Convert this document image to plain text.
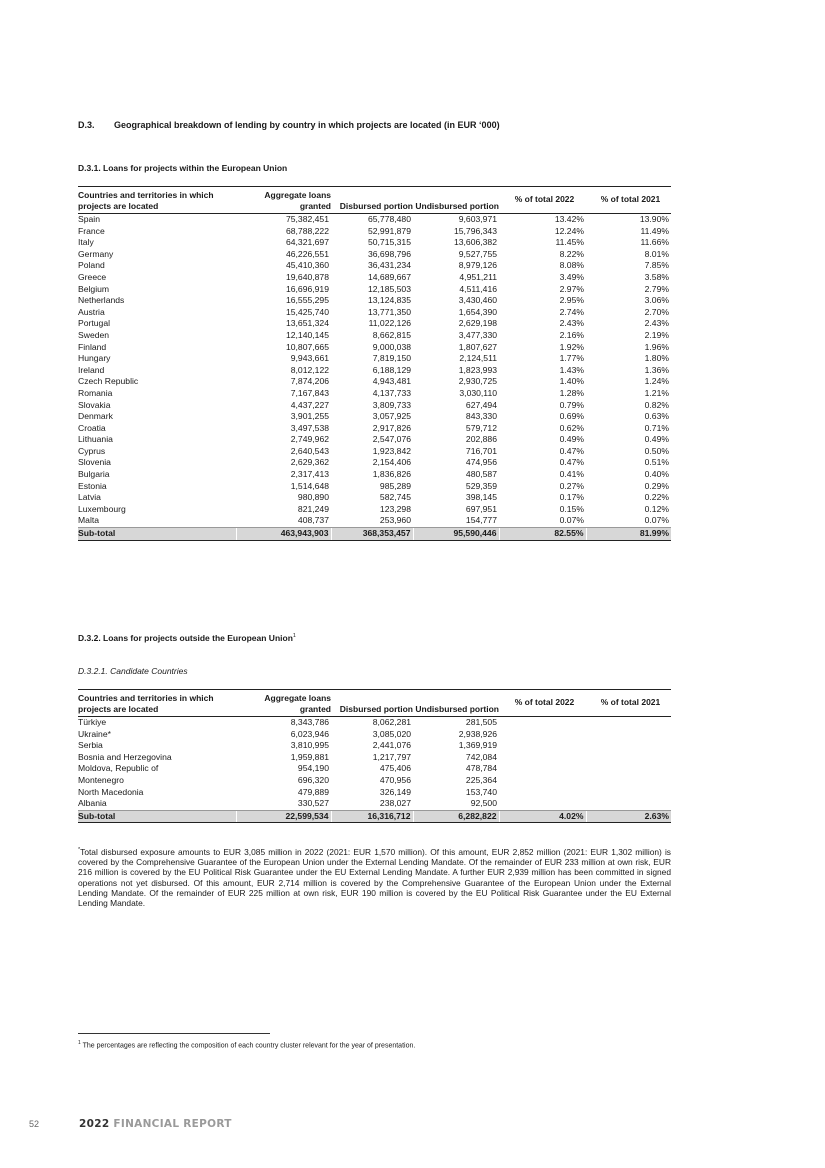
D.3. Geographical breakdown of lending by country in which projects are located (in EUR ‘000)
D.3.1. Loans for projects within the European Union
Countries and territories in which projects are located	Aggregate loans granted	Disbursed portion	Undisbursed portion	% of total 2022	% of total 2021
Spain	75,382,451	65,778,480	9,603,971	13.42%	13.90%
France	68,788,222	52,991,879	15,796,343	12.24%	11.49%
Italy	64,321,697	50,715,315	13,606,382	11.45%	11.66%
Germany	46,226,551	36,698,796	9,527,755	8.22%	8.01%
Poland	45,410,360	36,431,234	8,979,126	8.08%	7.85%
Greece	19,640,878	14,689,667	4,951,211	3.49%	3.58%
Belgium	16,696,919	12,185,503	4,511,416	2.97%	2.79%
Netherlands	16,555,295	13,124,835	3,430,460	2.95%	3.06%
Austria	15,425,740	13,771,350	1,654,390	2.74%	2.70%
Portugal	13,651,324	11,022,126	2,629,198	2.43%	2.43%
Sweden	12,140,145	8,662,815	3,477,330	2.16%	2.19%
Finland	10,807,665	9,000,038	1,807,627	1.92%	1.96%
Hungary	9,943,661	7,819,150	2,124,511	1.77%	1.80%
Ireland	8,012,122	6,188,129	1,823,993	1.43%	1.36%
Czech Republic	7,874,206	4,943,481	2,930,725	1.40%	1.24%
Romania	7,167,843	4,137,733	3,030,110	1.28%	1.21%
Slovakia	4,437,227	3,809,733	627,494	0.79%	0.82%
Denmark	3,901,255	3,057,925	843,330	0.69%	0.63%
Croatia	3,497,538	2,917,826	579,712	0.62%	0.71%
Lithuania	2,749,962	2,547,076	202,886	0.49%	0.49%
Cyprus	2,640,543	1,923,842	716,701	0.47%	0.50%
Slovenia	2,629,362	2,154,406	474,956	0.47%	0.51%
Bulgaria	2,317,413	1,836,826	480,587	0.41%	0.40%
Estonia	1,514,648	985,289	529,359	0.27%	0.29%
Latvia	980,890	582,745	398,145	0.17%	0.22%
Luxembourg	821,249	123,298	697,951	0.15%	0.12%
Malta	408,737	253,960	154,777	0.07%	0.07%
Sub-total	463,943,903	368,353,457	95,590,446	82.55%	81.99%
D.3.2. Loans for projects outside the European Union$^1$
D.3.2.1. Candidate Countries
Countries and territories in which projects are located	Aggregate loans granted	Disbursed portion	Undisbursed portion	% of total 2022	% of total 2021
Türkiye	8,343,786	8,062,281	281,505		
Ukraine*	6,023,946	3,085,020	2,938,926		
Serbia	3,810,995	2,441,076	1,369,919		
Bosnia and Herzegovina	1,959,881	1,217,797	742,084		
Moldova, Republic of	954,190	475,406	478,784		
Montenegro	696,320	470,956	225,364		
North Macedonia	479,889	326,149	153,740		
Albania	330,527	238,027	92,500		
Sub-total	22,599,534	16,316,712	6,282,822	4.02%	2.63%
*Total disbursed exposure amounts to EUR 3,085 million in 2022 (2021: EUR 1,570 million). Of this amount, EUR 2,852 million (2021: EUR 1,302 million) is covered by the Comprehensive Guarantee of the European Union under the External Lending Mandate. Of the remainder of EUR 233 million at own risk, EUR 216 million is covered by the EU Political Risk Guarantee under the EU External Lending Mandate. A further EUR 2,939 million has been committed in signed operations not yet disbursed. Of this amount, EUR 2,714 million is covered by the Comprehensive Guarantee of the European Union under the External Lending Mandate. Of the remainder of EUR 225 million at own risk, EUR 190 million is covered by the EU Political Risk Guarantee under the EU External Lending Mandate.
$^1$ The percentages are reflecting the composition of each country cluster relevant for the year of presentation.
52	2022 FINANCIAL REPORT
